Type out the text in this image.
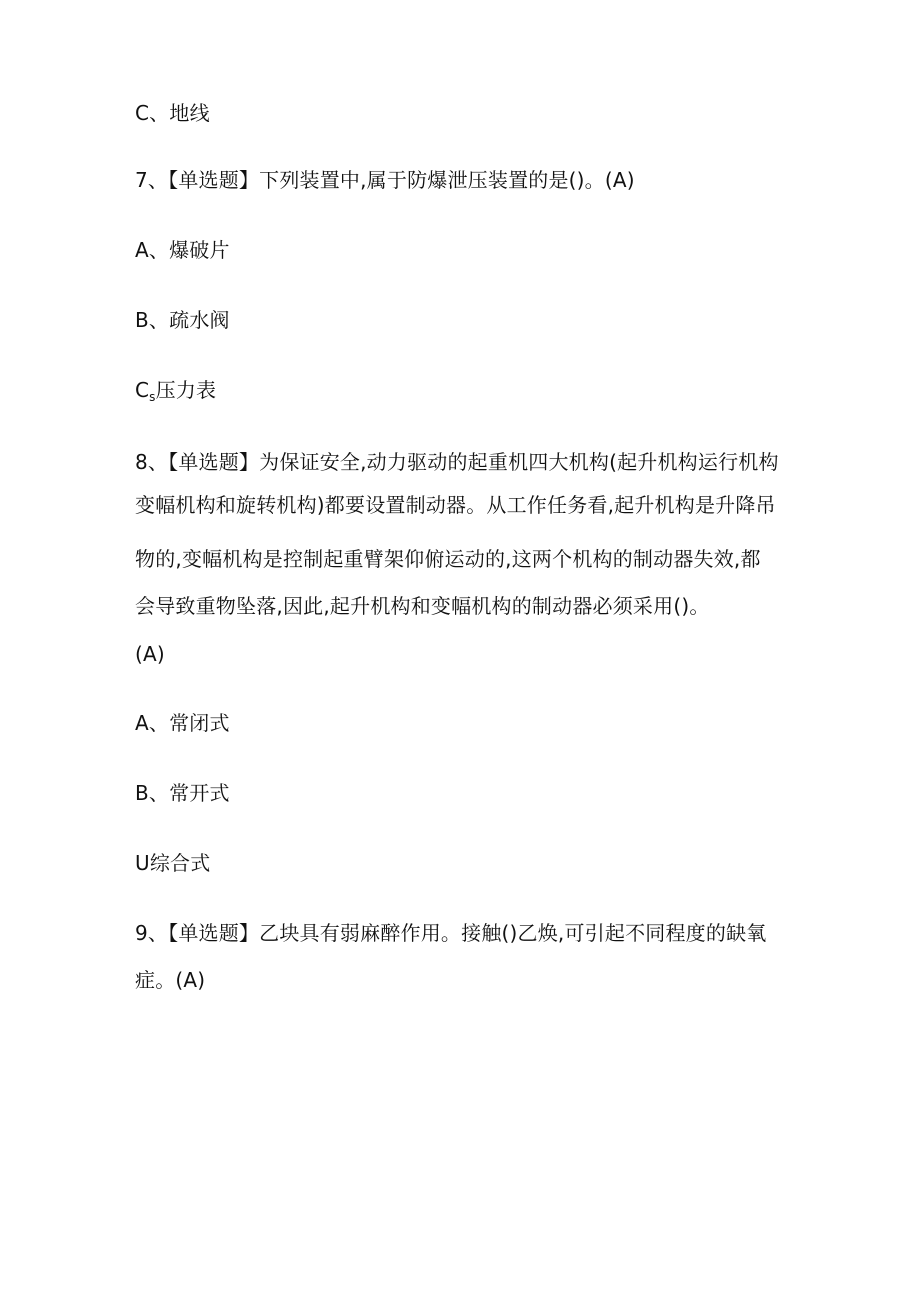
C、地线
7、【单选题】下列装置中,属于防爆泄压装置的是()。(A)
A、爆破片
B、疏水阀
$C_s$压力表
8、【单选题】为保证安全,动力驱动的起重机四大机构(起升机构运行机构
变幅机构和旋转机构)都要设置制动器。从工作任务看,起升机构是升降吊
物的,变幅机构是控制起重臂架仰俯运动的,这两个机构的制动器失效,都
会导致重物坠落,因此,起升机构和变幅机构的制动器必须采用()。
(A)
A、常闭式
B、常开式
U综合式
9、【单选题】乙块具有弱麻醉作用。接触()乙焕,可引起不同程度的缺氧
症。(A)
